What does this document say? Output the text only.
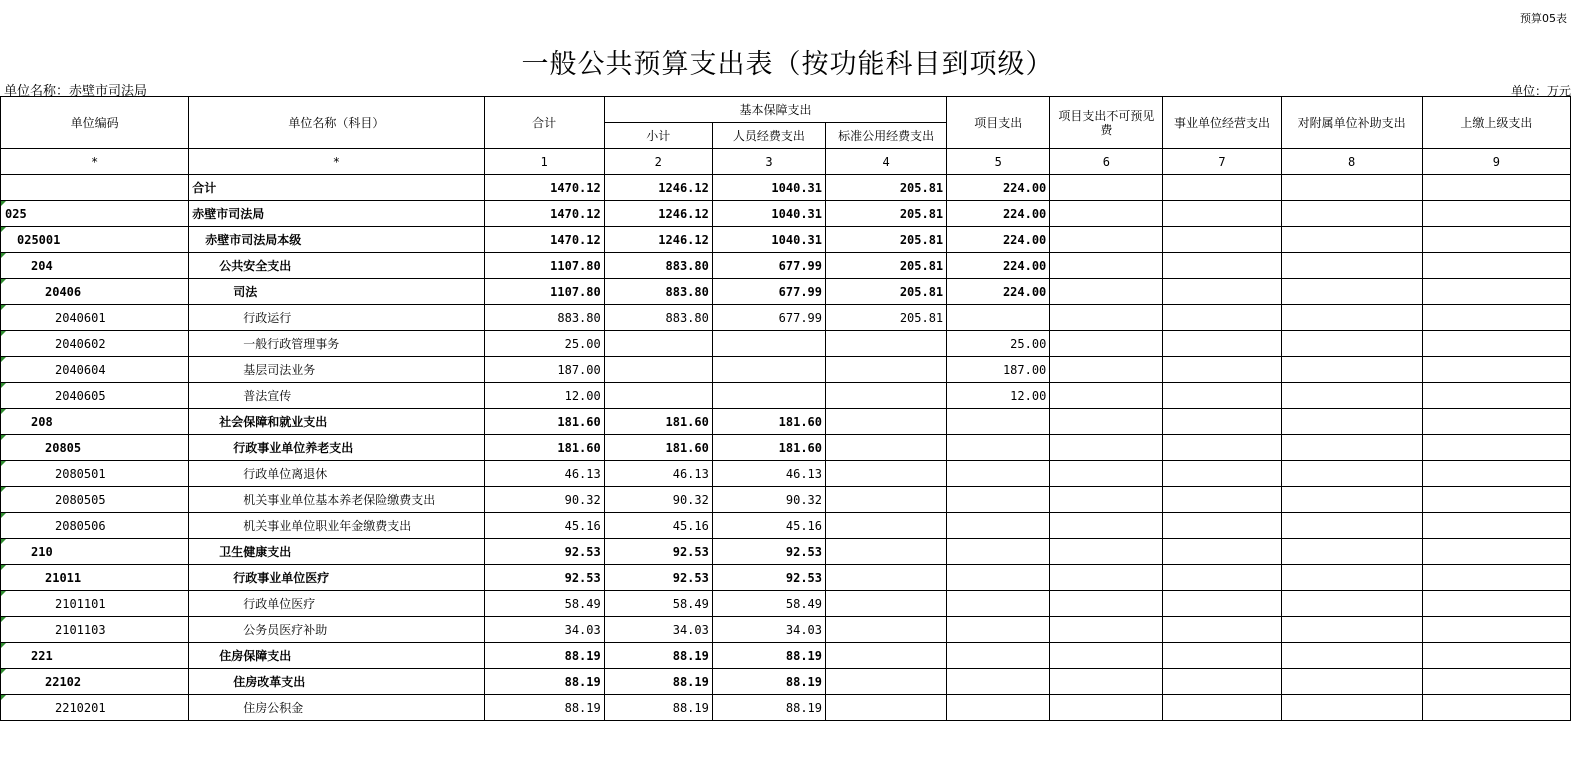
预算05表
一般公共预算支出表（按功能科目到项级）
单位名称：赤壁市司法局	单位：万元
单位编码	单位名称（科目）	合计	基本保障支出			项目支出	项目支出不可预见费	事业单位经营支出	对附属单位补助支出	上缴上级支出
			小计	人员经费支出	标准公用经费支出					
*	*	1	2	3	4	5	6	7	8	9
	合计	1470.12	1246.12	1040.31	205.81	224.00				
025	赤壁市司法局	1470.12	1246.12	1040.31	205.81	224.00				
025001	赤壁市司法局本级	1470.12	1246.12	1040.31	205.81	224.00				
204	公共安全支出	1107.80	883.80	677.99	205.81	224.00				
20406	司法	1107.80	883.80	677.99	205.81	224.00				
2040601	行政运行	883.80	883.80	677.99	205.81					
2040602	一般行政管理事务	25.00				25.00				
2040604	基层司法业务	187.00				187.00				
2040605	普法宣传	12.00				12.00				
208	社会保障和就业支出	181.60	181.60	181.60						
20805	行政事业单位养老支出	181.60	181.60	181.60						
2080501	行政单位离退休	46.13	46.13	46.13						
2080505	机关事业单位基本养老保险缴费支出	90.32	90.32	90.32						
2080506	机关事业单位职业年金缴费支出	45.16	45.16	45.16						
210	卫生健康支出	92.53	92.53	92.53						
21011	行政事业单位医疗	92.53	92.53	92.53						
2101101	行政单位医疗	58.49	58.49	58.49						
2101103	公务员医疗补助	34.03	34.03	34.03						
221	住房保障支出	88.19	88.19	88.19						
22102	住房改革支出	88.19	88.19	88.19						
2210201	住房公积金	88.19	88.19	88.19						
